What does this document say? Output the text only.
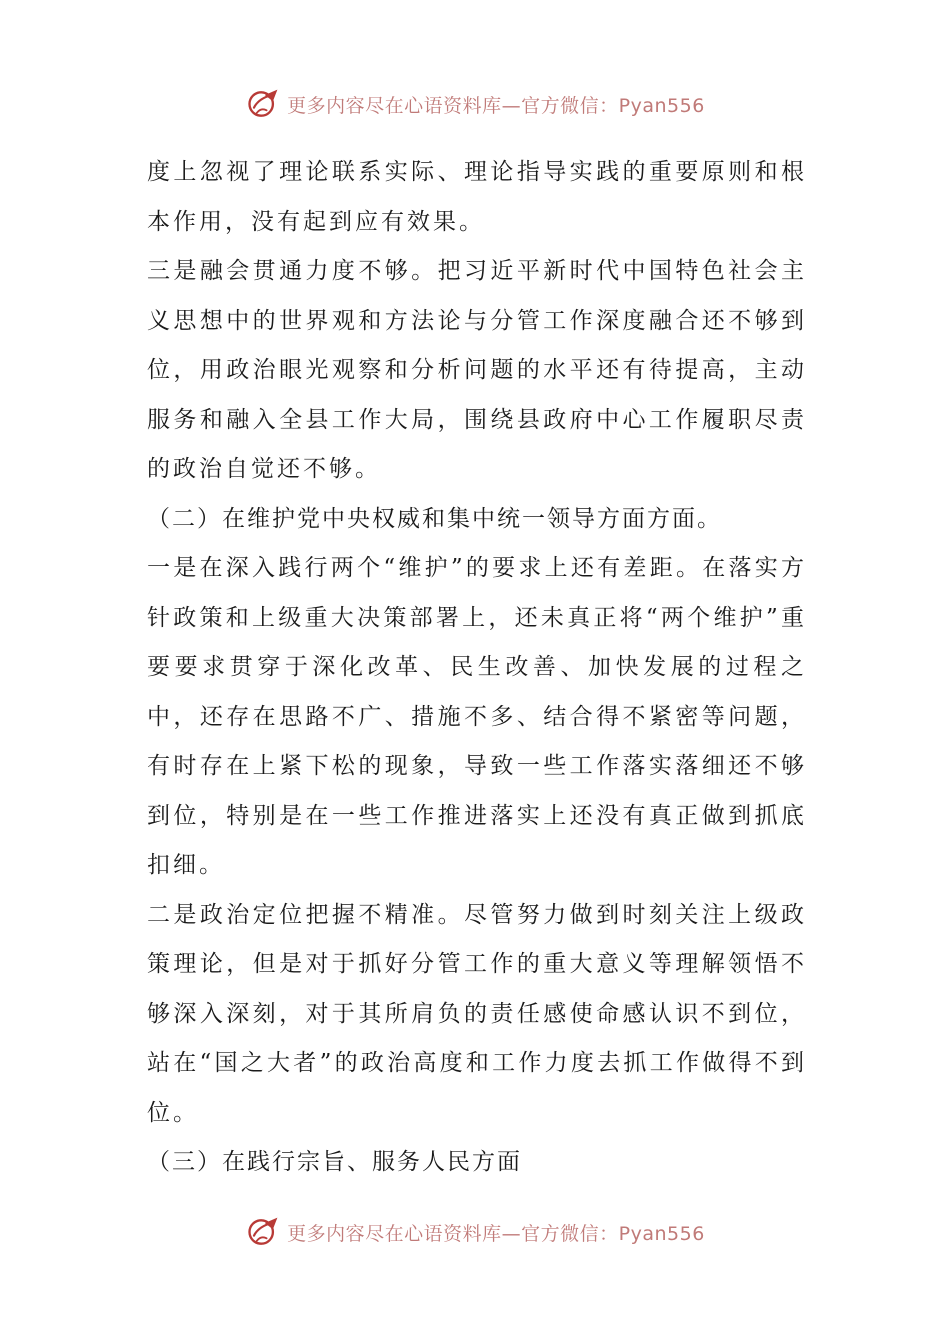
更多内容尽在心语资料库—官方微信：Pyan556

度上忽视了理论联系实际、理论指导实践的重要原则和根本作用，没有起到应有效果。

三是融会贯通力度不够。把习近平新时代中国特色社会主义思想中的世界观和方法论与分管工作深度融合还不够到位，用政治眼光观察和分析问题的水平还有待提高，主动服务和融入全县工作大局，围绕县政府中心工作履职尽责的政治自觉还不够。

（二）在维护党中央权威和集中统一领导方面方面。

一是在深入践行两个“维护”的要求上还有差距。在落实方针政策和上级重大决策部署上，还未真正将“两个维护”重要要求贯穿于深化改革、民生改善、加快发展的过程之中，还存在思路不广、措施不多、结合得不紧密等问题，有时存在上紧下松的现象，导致一些工作落实落细还不够到位，特别是在一些工作推进落实上还没有真正做到抓底扣细。

二是政治定位把握不精准。尽管努力做到时刻关注上级政策理论，但是对于抓好分管工作的重大意义等理解领悟不够深入深刻，对于其所肩负的责任感使命感认识不到位，站在“国之大者”的政治高度和工作力度去抓工作做得不到位。

（三）在践行宗旨、服务人民方面

更多内容尽在心语资料库—官方微信：Pyan556
